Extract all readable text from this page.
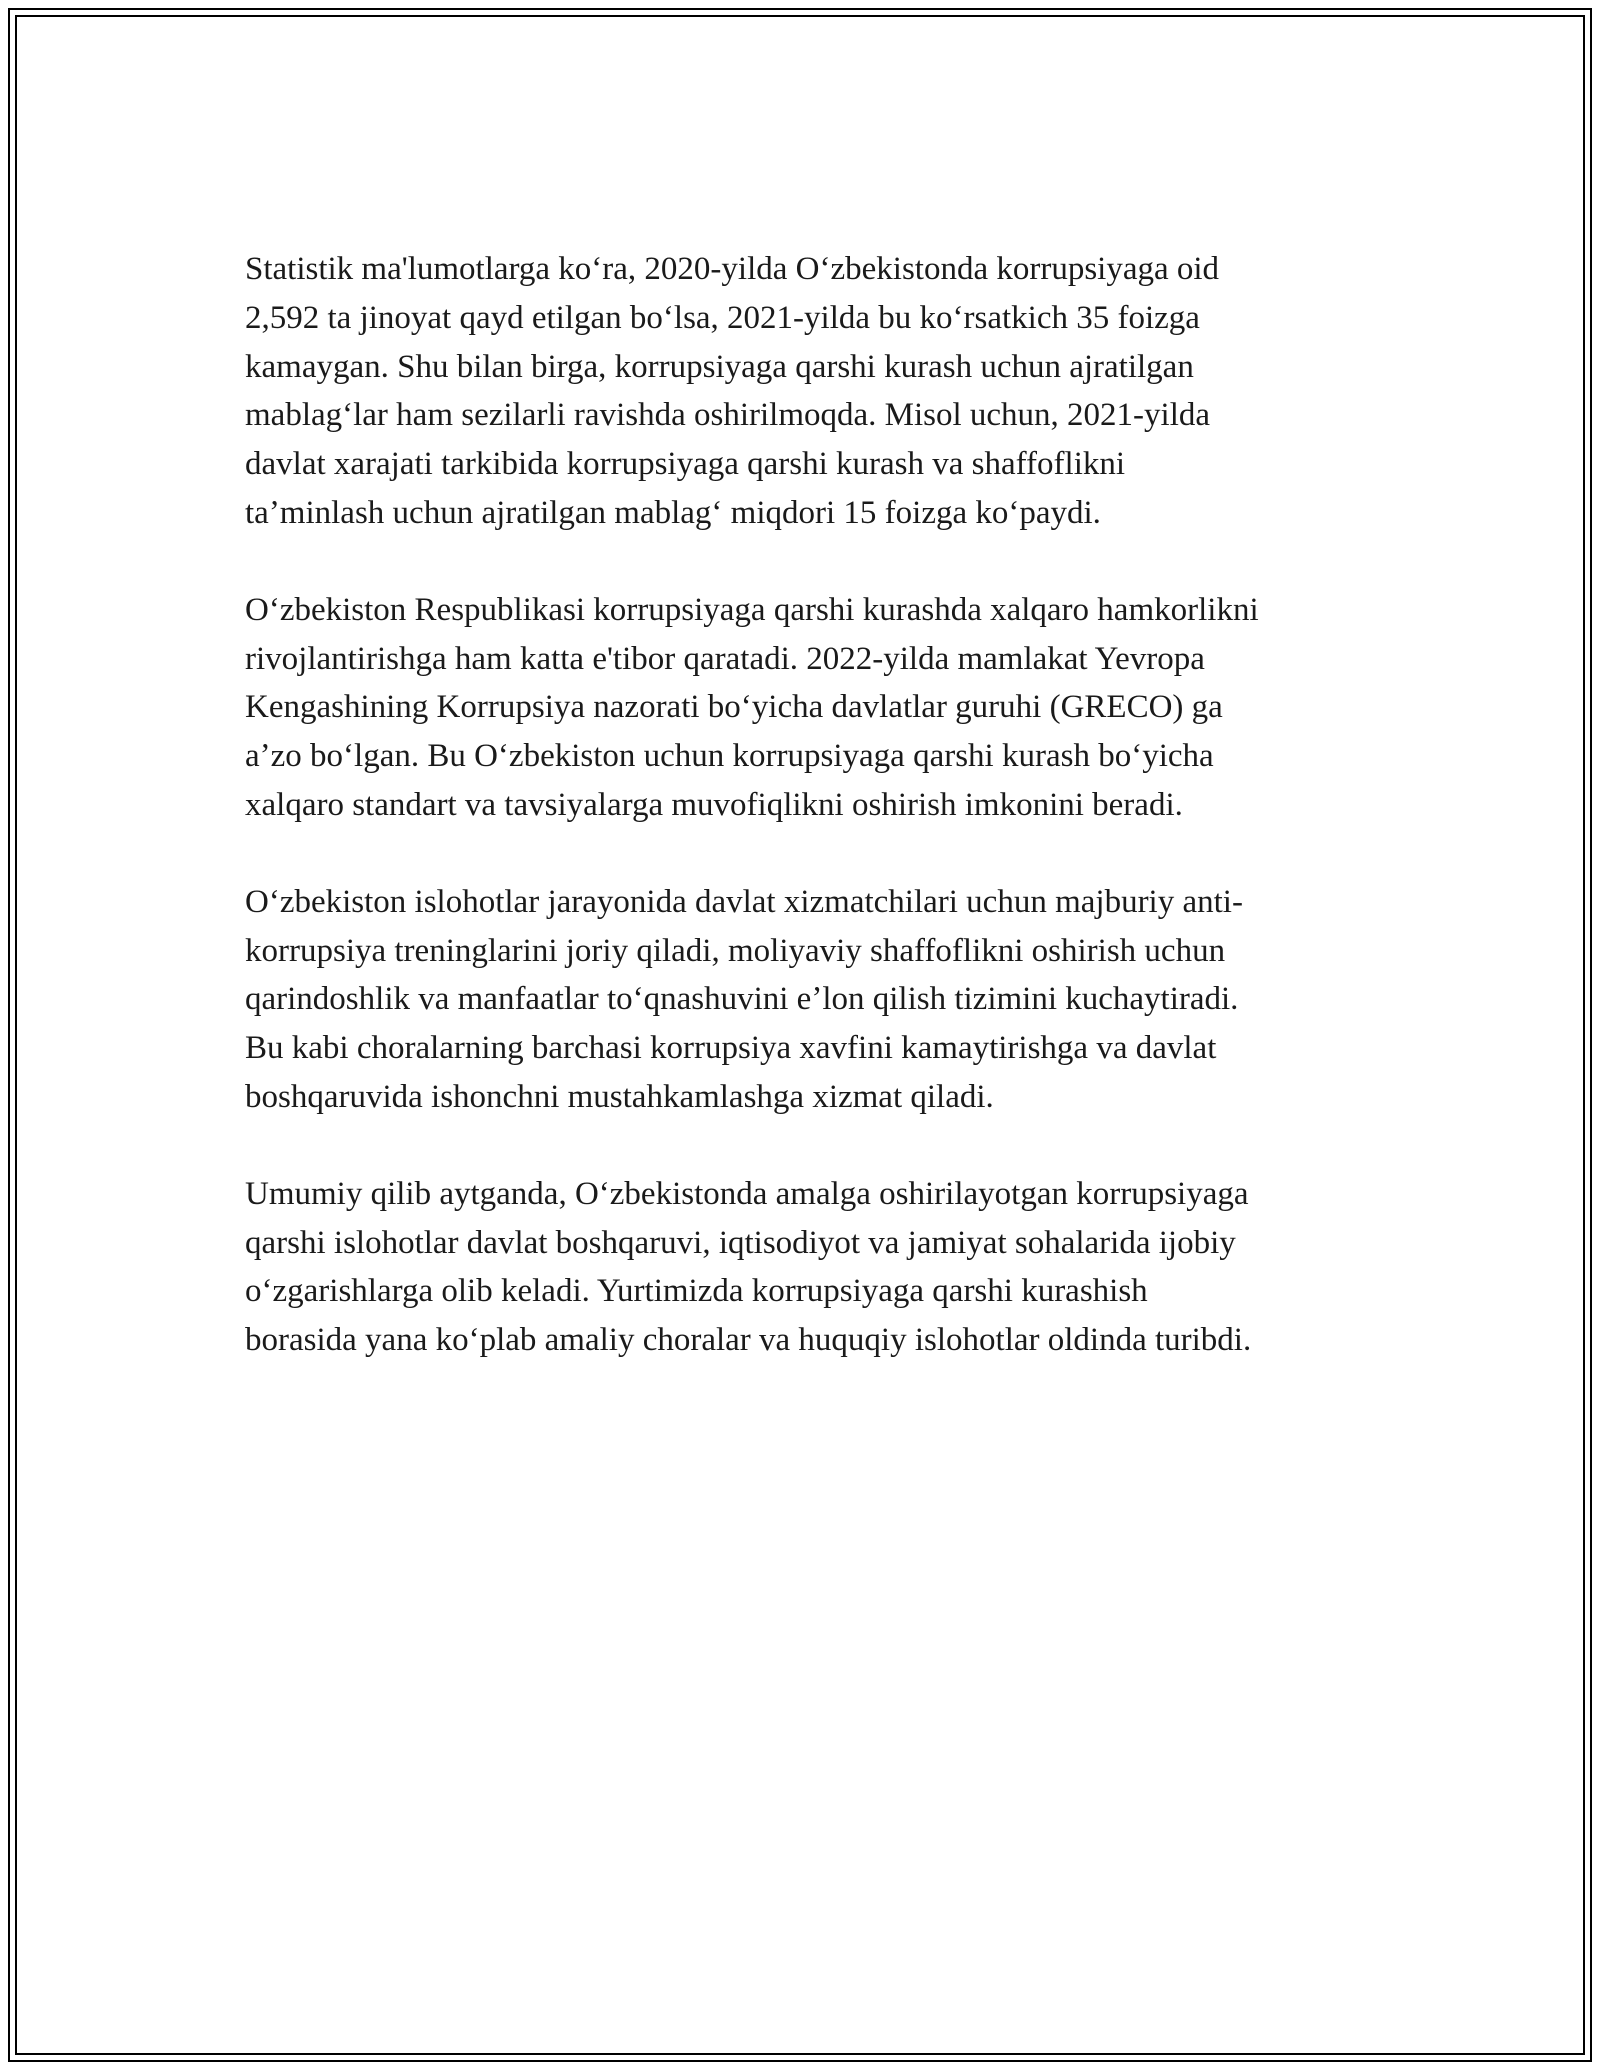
Statistik ma'lumotlarga koʻra, 2020-yilda Oʻzbekistonda korrupsiyaga oid
2,592 ta jinoyat qayd etilgan boʻlsa, 2021-yilda bu koʻrsatkich 35 foizga
kamaygan. Shu bilan birga, korrupsiyaga qarshi kurash uchun ajratilgan
mablagʻlar ham sezilarli ravishda oshirilmoqda. Misol uchun, 2021-yilda
davlat xarajati tarkibida korrupsiyaga qarshi kurash va shaffoflikni
taʼminlash uchun ajratilgan mablagʻ miqdori 15 foizga koʻpaydi.

Oʻzbekiston Respublikasi korrupsiyaga qarshi kurashda xalqaro hamkorlikni
rivojlantirishga ham katta e'tibor qaratadi. 2022-yilda mamlakat Yevropa
Kengashining Korrupsiya nazorati boʻyicha davlatlar guruhi (GRECO) ga
aʼzo boʻlgan. Bu Oʻzbekiston uchun korrupsiyaga qarshi kurash boʻyicha
xalqaro standart va tavsiyalarga muvofiqlikni oshirish imkonini beradi.

Oʻzbekiston islohotlar jarayonida davlat xizmatchilari uchun majburiy anti-
korrupsiya treninglarini joriy qiladi, moliyaviy shaffoflikni oshirish uchun
qarindoshlik va manfaatlar toʻqnashuvini eʼlon qilish tizimini kuchaytiradi.
Bu kabi choralarning barchasi korrupsiya xavfini kamaytirishga va davlat
boshqaruvida ishonchni mustahkamlashga xizmat qiladi.

Umumiy qilib aytganda, Oʻzbekistonda amalga oshirilayotgan korrupsiyaga
qarshi islohotlar davlat boshqaruvi, iqtisodiyot va jamiyat sohalarida ijobiy
oʻzgarishlarga olib keladi. Yurtimizda korrupsiyaga qarshi kurashish
borasida yana koʻplab amaliy choralar va huquqiy islohotlar oldinda turibdi.
